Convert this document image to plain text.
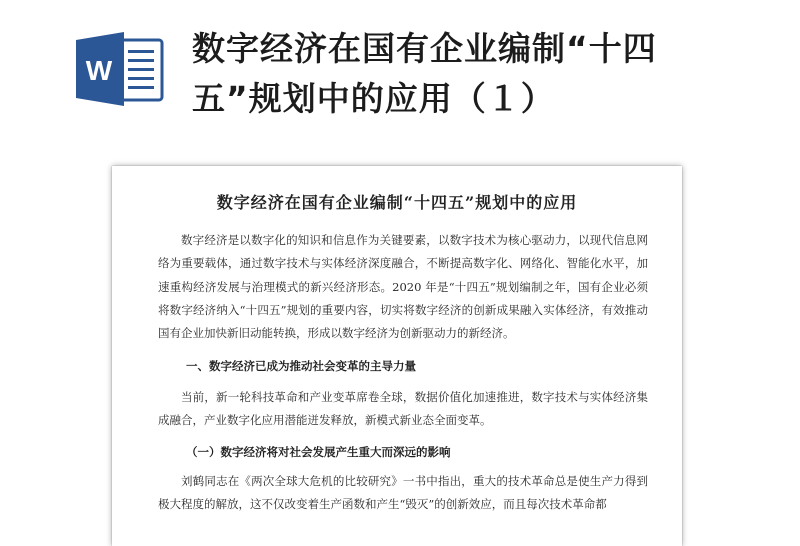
W
数字经济在国有企业编制“十四五”规划中的应用（１）
数字经济在国有企业编制“十四五”规划中的应用
数字经济是以数字化的知识和信息作为关键要素，以数字技术为核心驱动力，以现代信息网络为重要载体，通过数字技术与实体经济深度融合，不断提高数字化、网络化、智能化水平，加速重构经济发展与治理模式的新兴经济形态。2020 年是“十四五”规划编制之年，国有企业必须将数字经济纳入“十四五”规划的重要内容，切实将数字经济的创新成果融入实体经济，有效推动国有企业加快新旧动能转换，形成以数字经济为创新驱动力的新经济。
一、数字经济已成为推动社会变革的主导力量
当前，新一轮科技革命和产业变革席卷全球，数据价值化加速推进，数字技术与实体经济集成融合，产业数字化应用潜能迸发释放，新模式新业态全面变革。
（一）数字经济将对社会发展产生重大而深远的影响
刘鹤同志在《两次全球大危机的比较研究》一书中指出，重大的技术革命总是使生产力得到极大程度的解放，这不仅改变着生产函数和产生“毁灭”的创新效应，而且每次技术革命都
